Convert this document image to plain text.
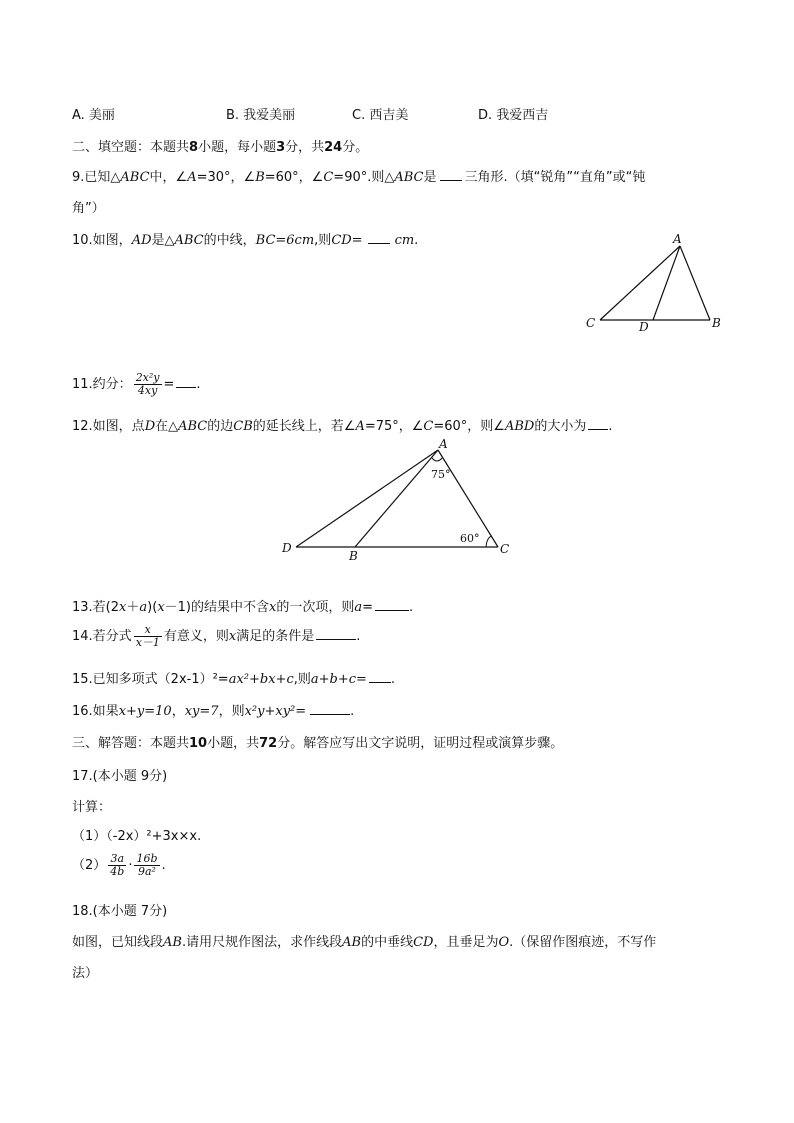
A. 美丽	B. 我爱美丽	C. 西吉美	D. 我爱西吉
二、填空题：本题共8小题，每小题3分，共24分。
9.已知△ABC中，∠A=30°，∠B=60°，∠C=90°.则△ABC是 三角形.（填“锐角”“直角”或“钝
角”）
10.如图，AD是△ABC的中线，BC=6cm,则CD= cm.	A
B
C	D
11.约分： $\frac{\text{2x²y}}{4xy}$ = .
12.如图，点D在△ABC的边CB的延长线上，若∠A=75°，∠C=60°，则∠ABD的大小为 .
A
B	C
D
75°
60°
13.若(2x＋a)(x－1)的结果中不含x的一次项，则a=	.
14.若分式 $\frac{x}{x-1}$ 有意义，则x满足的条件是	.
15.已知多项式（2x-1）²=ax²+bx+c,则a+b+c= .
16.如果x+y=10，xy=7，则x²y+xy²=	.
三、解答题：本题共10小题，共72分。解答应写出文字说明，证明过程或演算步骤。
17.(本小题 9分)
计算：
（1）（-2x）²+3x×x.
$(2) \frac{3a}{4b} \cdot \frac{16b}{\text{9a²}}$ .
18.(本小题 7分)
如图，已知线段AB.请用尺规作图法，求作线段AB的中垂线CD，且垂足为O.（保留作图痕迹，不写作
法）
